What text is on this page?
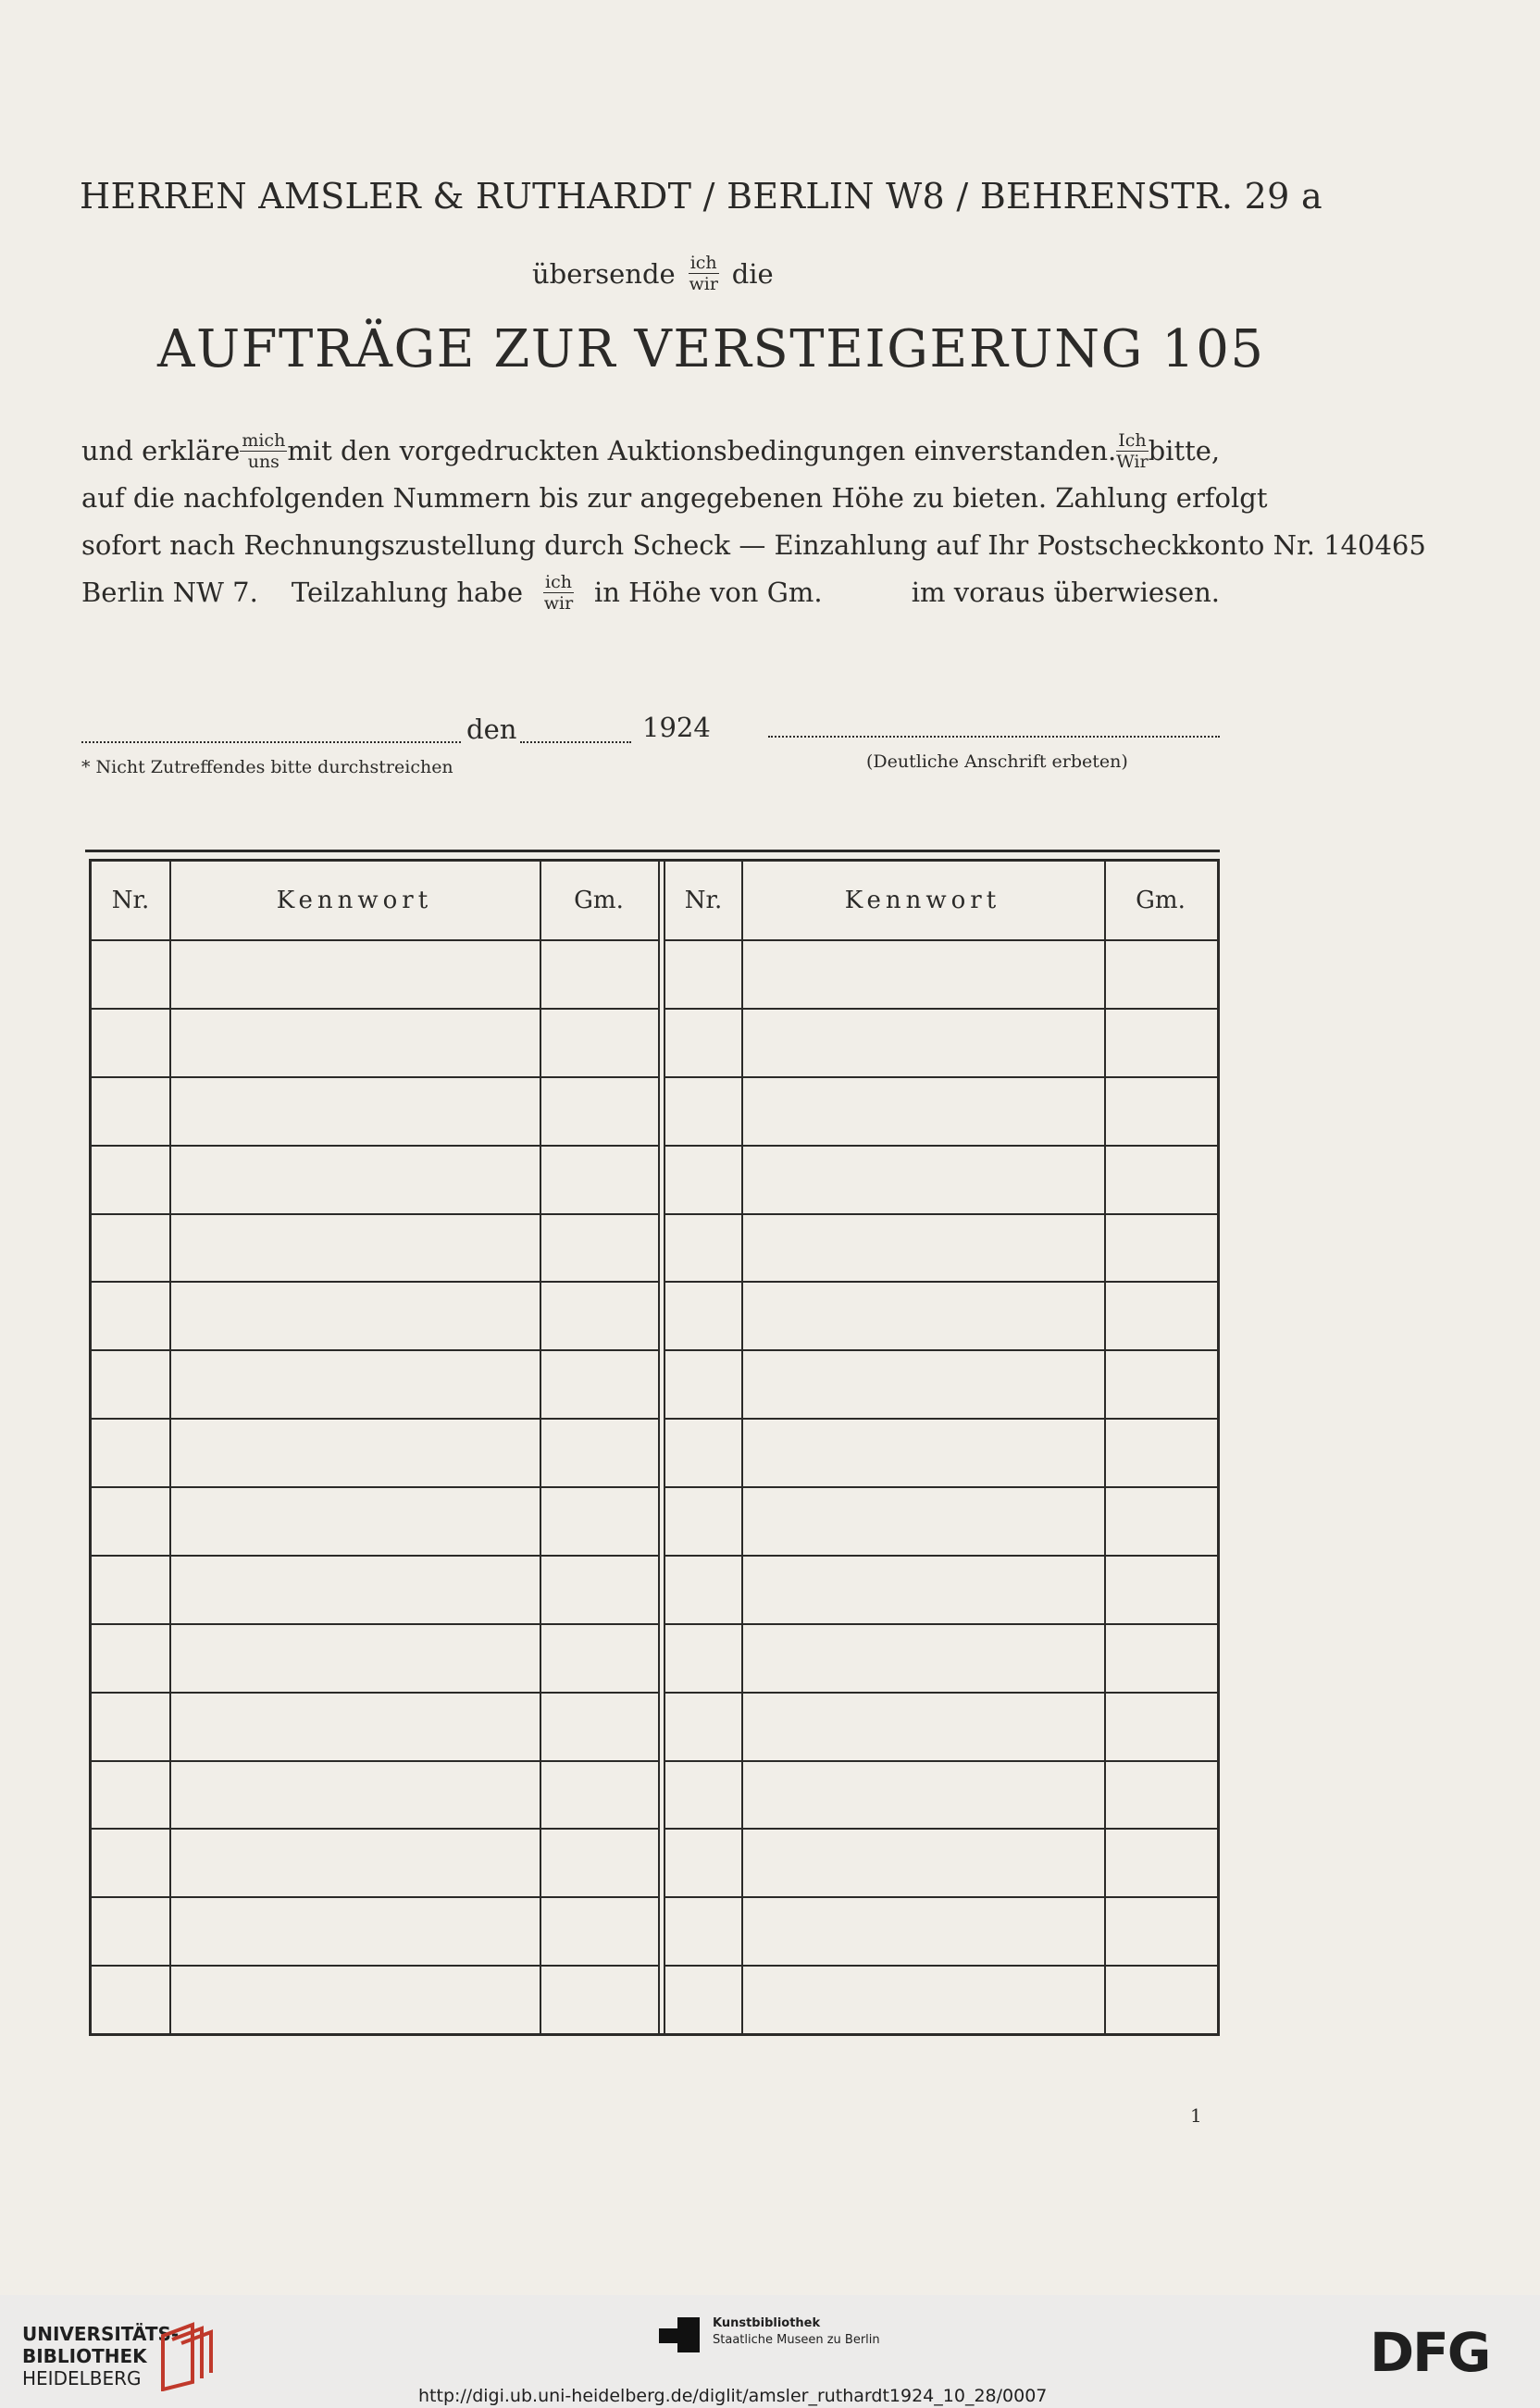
HERREN AMSLER & RUTHARDT / BERLIN W8 / BEHRENSTR. 29 a
übersende $\frac{\text{ich}}{\text{wir}}$ die
AUFTRÄGE ZUR VERSTEIGERUNG 105
und erkläre $\frac{\text{mich}}{\text{uns}}$ mit den vorgedruckten Auktionsbedingungen einverstanden. $\frac{\text{Ich}}{\text{Wir}}$ bitte ,
auf die nachfolgenden Nummern bis zur angegebenen Höhe zu bieten. Zahlung erfolgt
sofort nach Rechnungszustellung durch Scheck — Einzahlung auf Ihr Postscheckkonto Nr. 140465
Berlin NW 7. Teilzahlung habe $\frac{\text{ich}}{\text{wir}}$ in Höhe von Gm.	im voraus überwiesen.
den	1924
* Nicht Zutreffendes bitte durchstreichen	(Deutliche Anschrift erbeten)
Nr.	Kennwort	Gm.	Nr.	Kennwort	Gm.
1
UNIVERSITÄTS-
BIBLIOTHEK
HEIDELBERG
Kunstbibliothek
Staatliche Museen zu Berlin	DFG
http://digi.ub.uni-heidelberg.de/diglit/amsler_ruthardt1924_10_28/0007
